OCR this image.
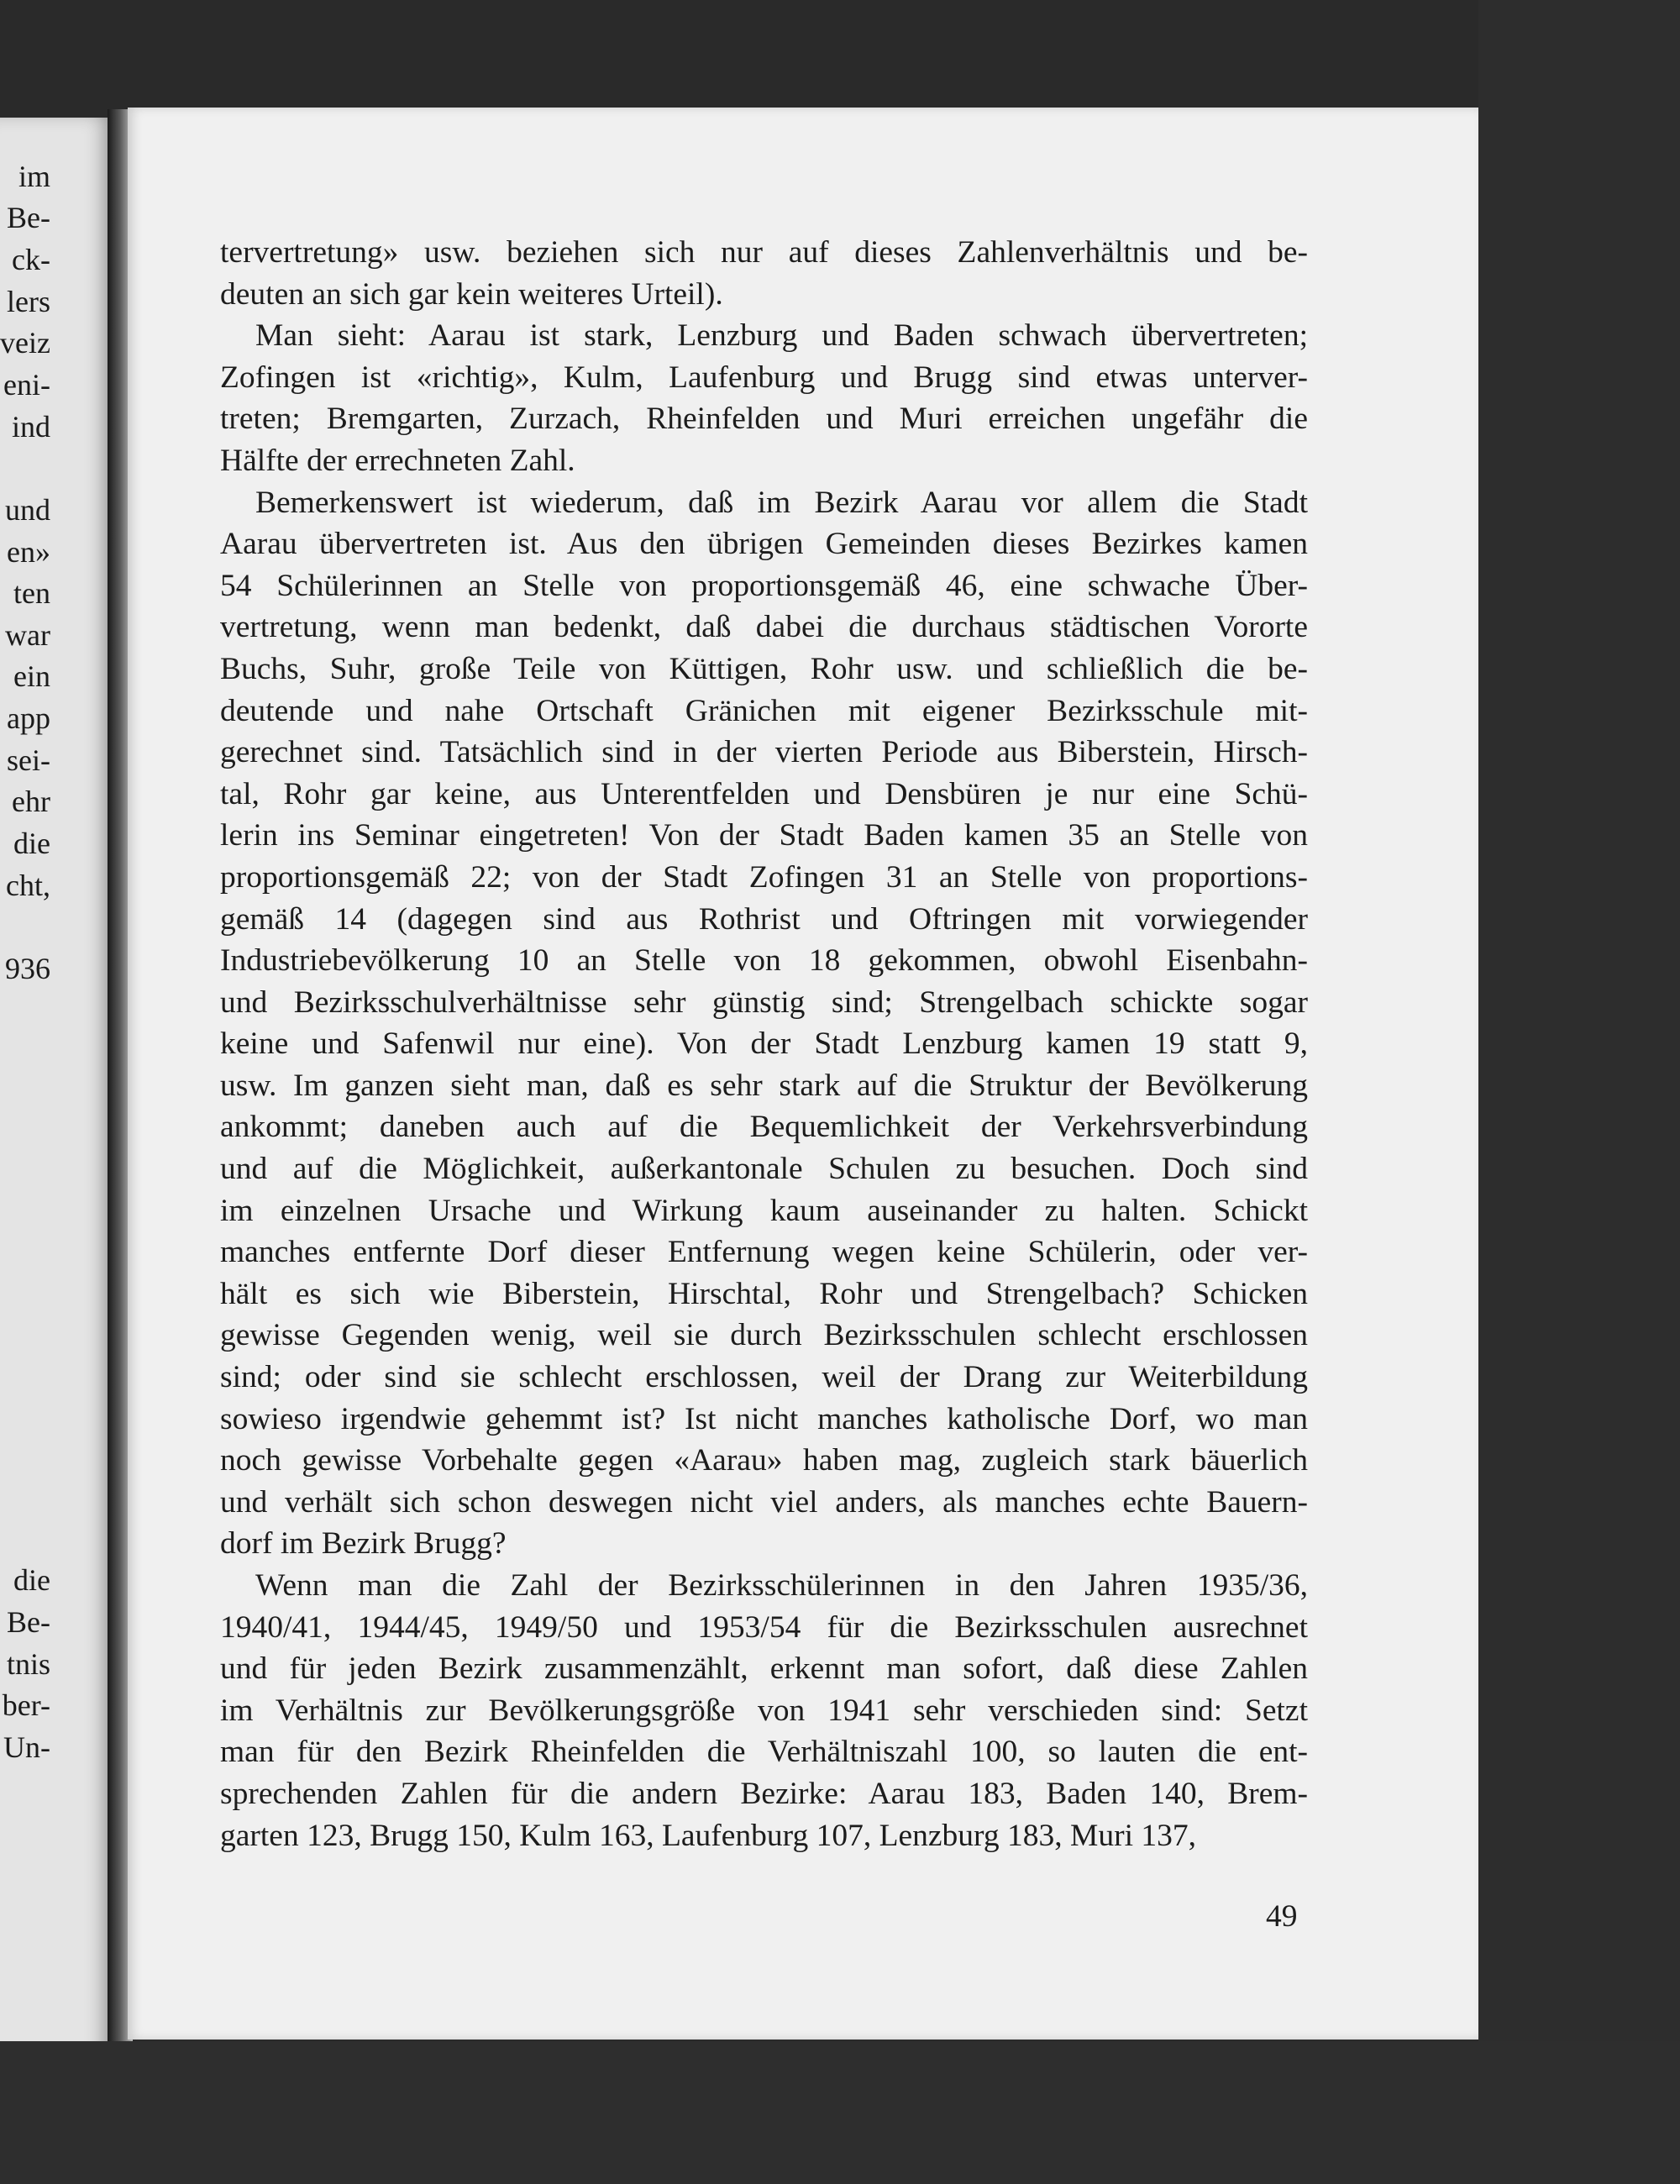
im
Be-
ck-
lers
veiz
eni-
ind
und
en»
ten
war
ein
app
sei-
ehr
die
cht,
936
die
Be-
tnis
ber-
Un-
tervertretung» usw. beziehen sich nur auf dieses Zahlenverhältnis und be-
deuten an sich gar kein weiteres Urteil).
Man sieht: Aarau ist stark, Lenzburg und Baden schwach übervertreten;
Zofingen ist «richtig», Kulm, Laufenburg und Brugg sind etwas unterver-
treten; Bremgarten, Zurzach, Rheinfelden und Muri erreichen ungefähr die
Hälfte der errechneten Zahl.
Bemerkenswert ist wiederum, daß im Bezirk Aarau vor allem die Stadt
Aarau übervertreten ist. Aus den übrigen Gemeinden dieses Bezirkes kamen
54 Schülerinnen an Stelle von proportionsgemäß 46, eine schwache Über-
vertretung, wenn man bedenkt, daß dabei die durchaus städtischen Vororte
Buchs, Suhr, große Teile von Küttigen, Rohr usw. und schließlich die be-
deutende und nahe Ortschaft Gränichen mit eigener Bezirksschule mit-
gerechnet sind. Tatsächlich sind in der vierten Periode aus Biberstein, Hirsch-
tal, Rohr gar keine, aus Unterentfelden und Densbüren je nur eine Schü-
lerin ins Seminar eingetreten! Von der Stadt Baden kamen 35 an Stelle von
proportionsgemäß 22; von der Stadt Zofingen 31 an Stelle von proportions-
gemäß 14 (dagegen sind aus Rothrist und Oftringen mit vorwiegender
Industriebevölkerung 10 an Stelle von 18 gekommen, obwohl Eisenbahn-
und Bezirksschulverhältnisse sehr günstig sind; Strengelbach schickte sogar
keine und Safenwil nur eine). Von der Stadt Lenzburg kamen 19 statt 9,
usw. Im ganzen sieht man, daß es sehr stark auf die Struktur der Bevölkerung
ankommt; daneben auch auf die Bequemlichkeit der Verkehrsverbindung
und auf die Möglichkeit, außerkantonale Schulen zu besuchen. Doch sind
im einzelnen Ursache und Wirkung kaum auseinander zu halten. Schickt
manches entfernte Dorf dieser Entfernung wegen keine Schülerin, oder ver-
hält es sich wie Biberstein, Hirschtal, Rohr und Strengelbach? Schicken
gewisse Gegenden wenig, weil sie durch Bezirksschulen schlecht erschlossen
sind; oder sind sie schlecht erschlossen, weil der Drang zur Weiterbildung
sowieso irgendwie gehemmt ist? Ist nicht manches katholische Dorf, wo man
noch gewisse Vorbehalte gegen «Aarau» haben mag, zugleich stark bäuerlich
und verhält sich schon deswegen nicht viel anders, als manches echte Bauern-
dorf im Bezirk Brugg?
Wenn man die Zahl der Bezirksschülerinnen in den Jahren 1935/36,
1940/41, 1944/45, 1949/50 und 1953/54 für die Bezirksschulen ausrechnet
und für jeden Bezirk zusammenzählt, erkennt man sofort, daß diese Zahlen
im Verhältnis zur Bevölkerungsgröße von 1941 sehr verschieden sind: Setzt
man für den Bezirk Rheinfelden die Verhältniszahl 100, so lauten die ent-
sprechenden Zahlen für die andern Bezirke: Aarau 183, Baden 140, Brem-
garten 123, Brugg 150, Kulm 163, Laufenburg 107, Lenzburg 183, Muri 137,
49
